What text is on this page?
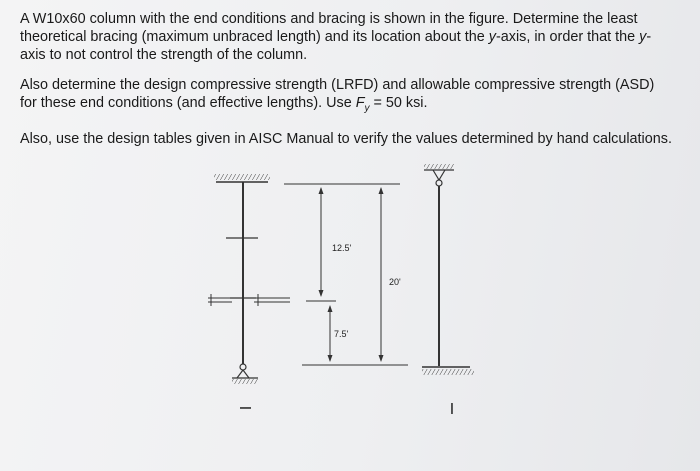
A W10x60 column with the end conditions and bracing is shown in the figure. Determine the least
theoretical bracing (maximum unbraced length) and its location about the y-axis, in order that the y-
axis to not control the strength of the column.

Also determine the design compressive strength (LRFD) and allowable compressive strength (ASD)
for these end conditions (and effective lengths). Use $F_y = 50$ ksi.

Also, use the design tables given in AISC Manual to verify the values determined by hand calculations.

I
12.5'
7.5'
20'
I
